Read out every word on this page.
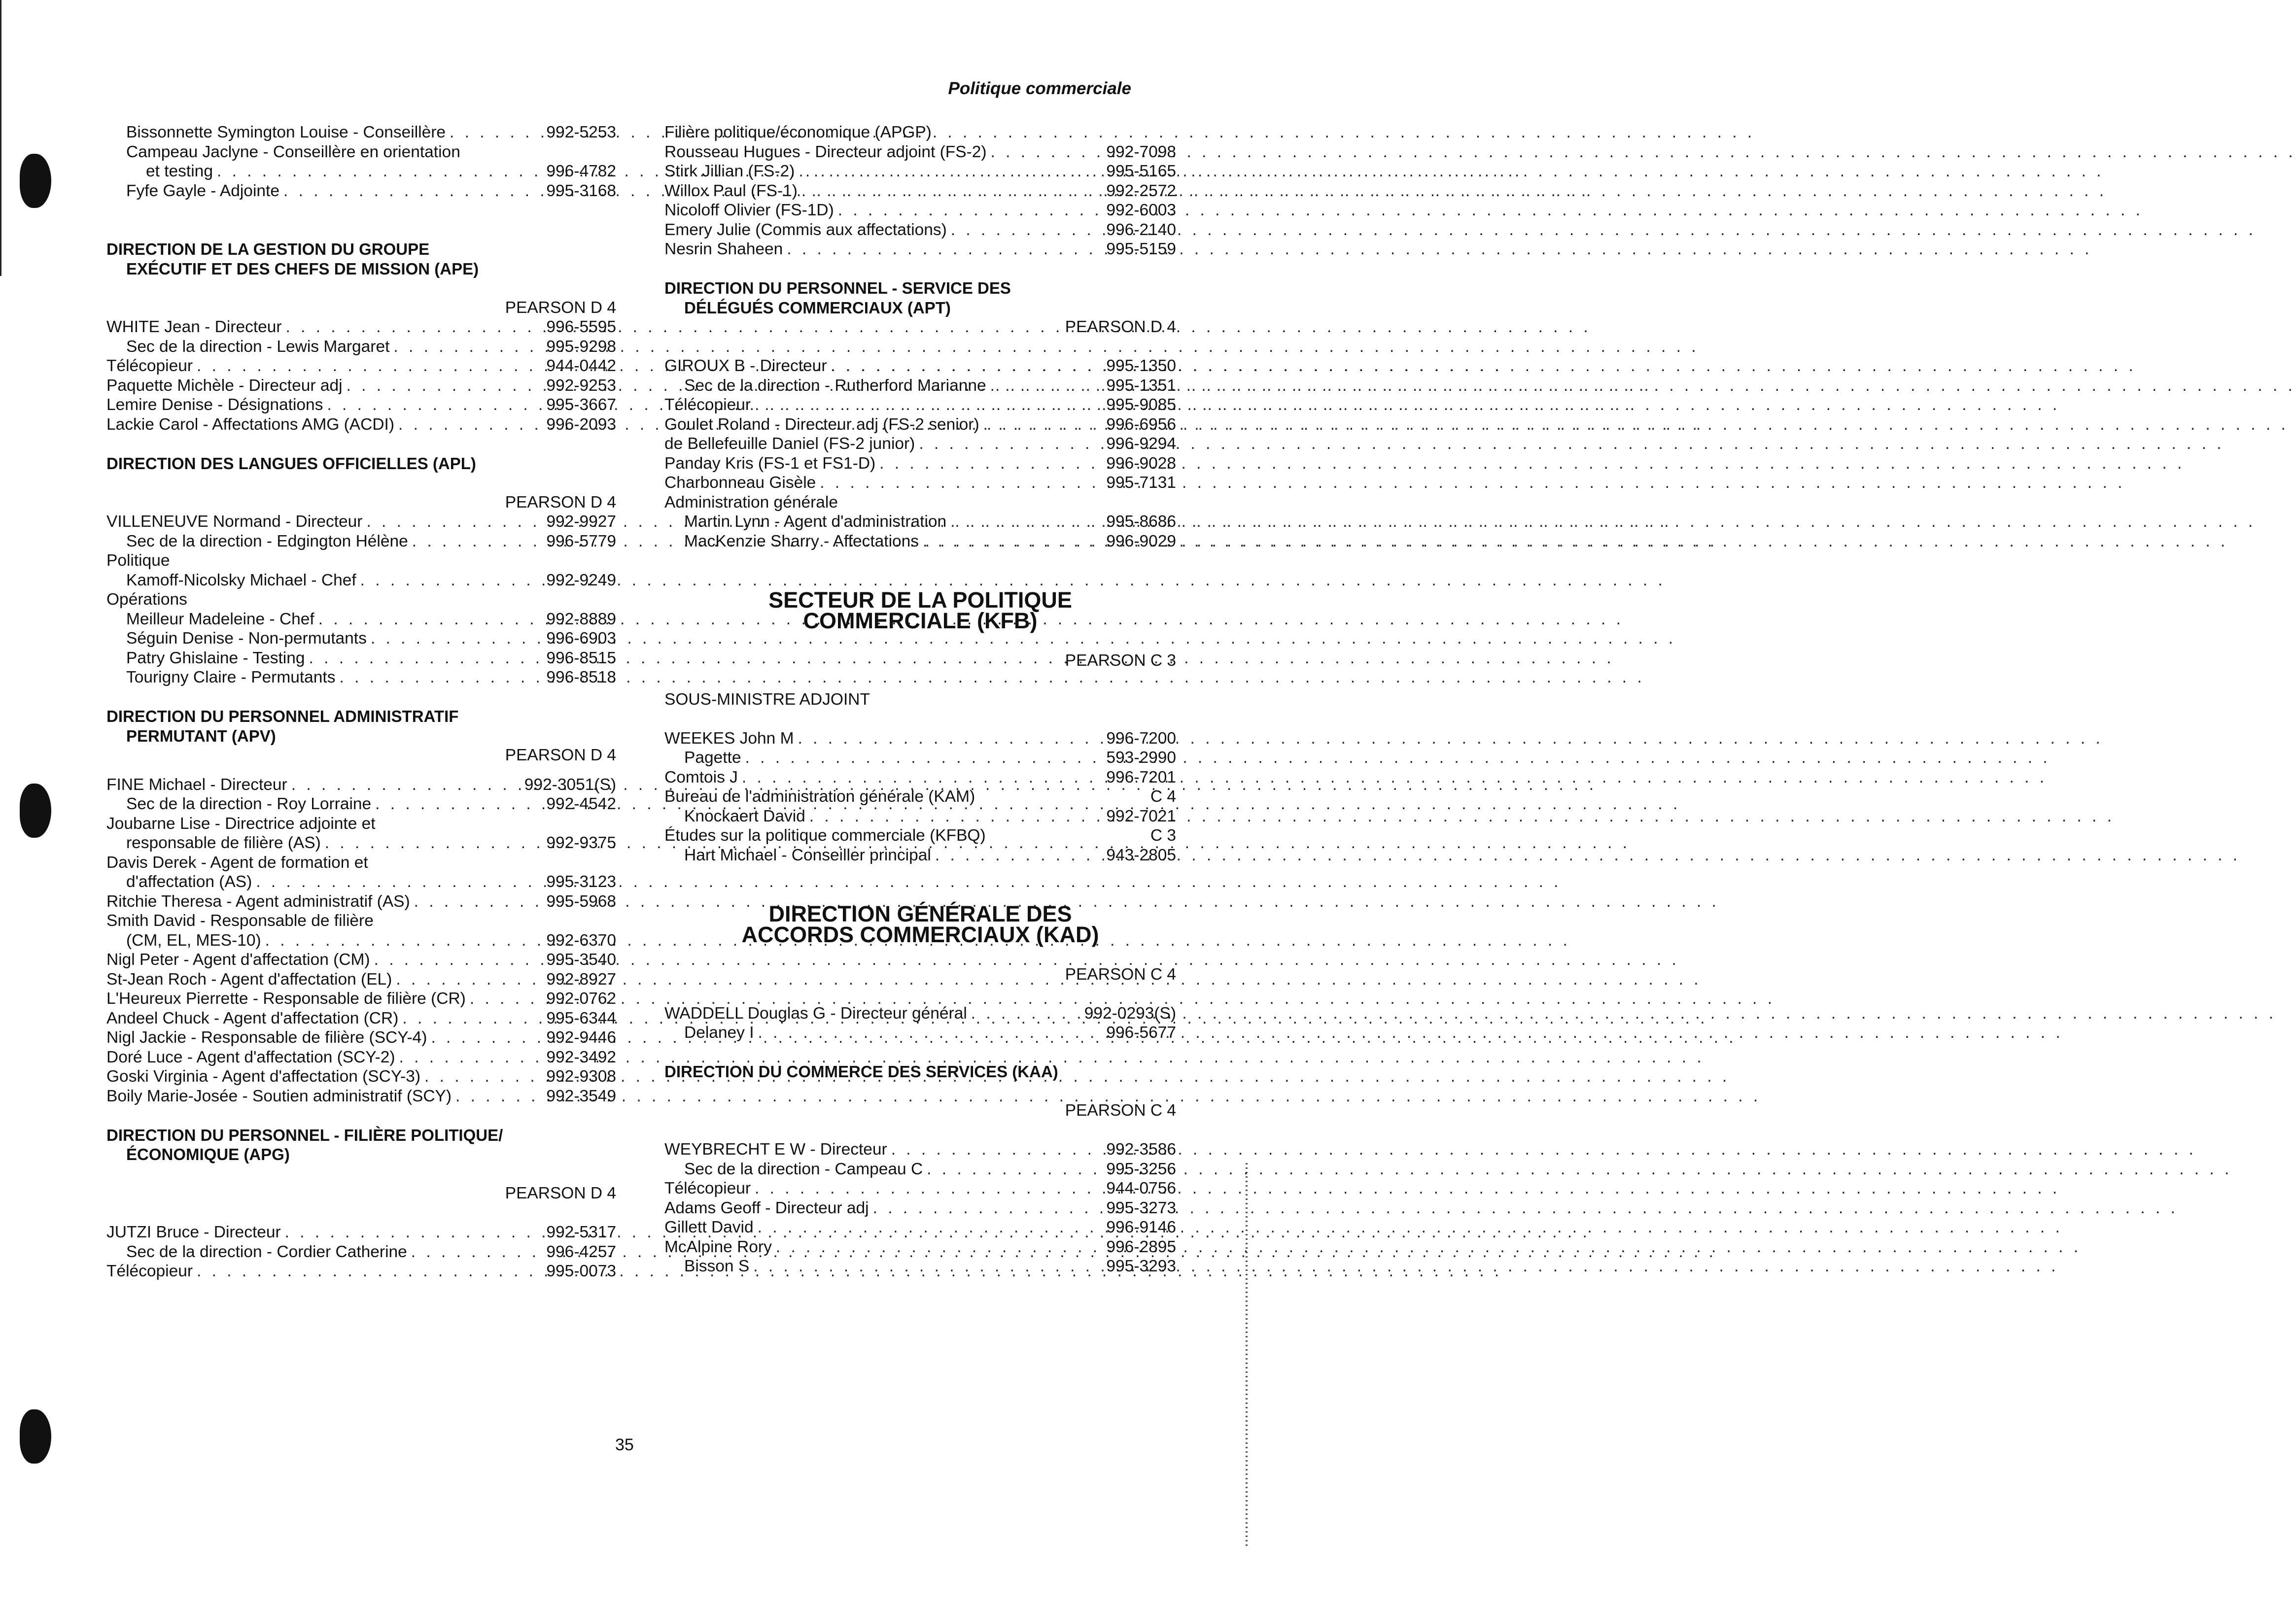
Politique commerciale
Bissonnette Symington Louise - Conseillère . . .	992-5253
Campeau Jaclyne - Conseillère en orientation
et testing . . .	996-4782
Fyfe Gayle - Adjointe . . .	995-3168
DIRECTION DE LA GESTION DU GROUPE
EXÉCUTIF ET DES CHEFS DE MISSION (APE)
PEARSON D 4
WHITE Jean - Directeur . . .	996-5595
Sec de la direction - Lewis Margaret . . .	995-9298
Télécopieur . . .	944-0442
Paquette Michèle - Directeur adj . . .	992-9253
Lemire Denise - Désignations . . .	995-3667
Lackie Carol - Affectations AMG (ACDI) . . .	996-2093
DIRECTION DES LANGUES OFFICIELLES (APL)
PEARSON D 4
VILLENEUVE Normand - Directeur . . .	992-9927
Sec de la direction - Edgington Hélène . . .	996-5779
Politique
Kamoff-Nicolsky Michael - Chef . . .	992-9249
Opérations
Meilleur Madeleine - Chef . . .	992-8889
Séguin Denise - Non-permutants . . .	996-6903
Patry Ghislaine - Testing . . .	996-8515
Tourigny Claire - Permutants . . .	996-8518
DIRECTION DU PERSONNEL ADMINISTRATIF
PERMUTANT (APV)
PEARSON D 4
FINE Michael - Directeur . . .	992-3051(S)
Sec de la direction - Roy Lorraine . . .	992-4542
Joubarne Lise - Directrice adjointe et
responsable de filière (AS) . . .	992-9375
Davis Derek - Agent de formation et
d'affectation (AS) . . .	995-3123
Ritchie Theresa - Agent administratif (AS) . . .	995-5968
Smith David - Responsable de filière
(CM, EL, MES-10) . . .	992-6370
Nigl Peter - Agent d'affectation (CM) . . .	995-3540
St-Jean Roch - Agent d'affectation (EL) . . .	992-8927
L'Heureux Pierrette - Responsable de filière (CR) . . .	992-0762
Andeel Chuck - Agent d'affectation (CR) . . .	995-6344
Nigl Jackie - Responsable de filière (SCY-4) . . .	992-9446
Doré Luce - Agent d'affectation (SCY-2) . . .	992-3492
Goski Virginia - Agent d'affectation (SCY-3) . . .	992-9308
Boily Marie-Josée - Soutien administratif (SCY) . . .	992-3549
DIRECTION DU PERSONNEL - FILIÈRE POLITIQUE/
ÉCONOMIQUE (APG)
PEARSON D 4
JUTZI Bruce - Directeur . . .	992-5317
Sec de la direction - Cordier Catherine . . .	996-4257
Télécopieur . . .	995-0073
Filière politique/économique (APGP)
Rousseau Hugues - Directeur adjoint (FS-2) . . .	992-7098
Stirk Jillian (FS-2) . . .	995-5165
Willox Paul (FS-1) . . .	992-2572
Nicoloff Olivier (FS-1D) . . .	992-6003
Emery Julie (Commis aux affectations) . . .	996-2140
Nesrin Shaheen . . .	995-5159
DIRECTION DU PERSONNEL - SERVICE DES
DÉLÉGUÉS COMMERCIAUX (APT)
PEARSON D 4
GIROUX B - Directeur . . .	995-1350
Sec de la direction - Rutherford Marianne . . .	995-1351
Télécopieur . . .	995-9085
Goulet Roland - Directeur adj (FS-2 senior) . . .	996-6956
de Bellefeuille Daniel (FS-2 junior) . . .	996-9294
Panday Kris (FS-1 et FS1-D) . . .	996-9028
Charbonneau Gisèle . . .	995-7131
Administration générale
Martin Lynn - Agent d'administration . . .	995-8686
MacKenzie Sharry - Affectations . . .	996-9029
SECTEUR DE LA POLITIQUE
COMMERCIALE (KFB)
PEARSON C 3
SOUS-MINISTRE ADJOINT
WEEKES John M . . .	996-7200
Pagette . . .	593-2990
Comtois J . . .	996-7201
Bureau de l'administration générale (KAM)	C 4
Knockaert David . . .	992-7021
Études sur la politique commerciale (KFBQ)	C 3
Hart Michael - Conseiller principal . . .	943-2805
DIRECTION GÉNÉRALE DES
ACCORDS COMMERCIAUX (KAD)
PEARSON C 4
WADDELL Douglas G - Directeur général . . .	992-0293(S)
Delaney I . . .	996-5677
DIRECTION DU COMMERCE DES SERVICES (KAA)
PEARSON C 4
WEYBRECHT E W - Directeur . . .	992-3586
Sec de la direction - Campeau C . . .	995-3256
Télécopieur . . .	944-0756
Adams Geoff - Directeur adj . . .	995-3273
Gillett David . . .	996-9146
McAlpine Rory . . .	996-2895
Bisson S . . .	995-3293
35
